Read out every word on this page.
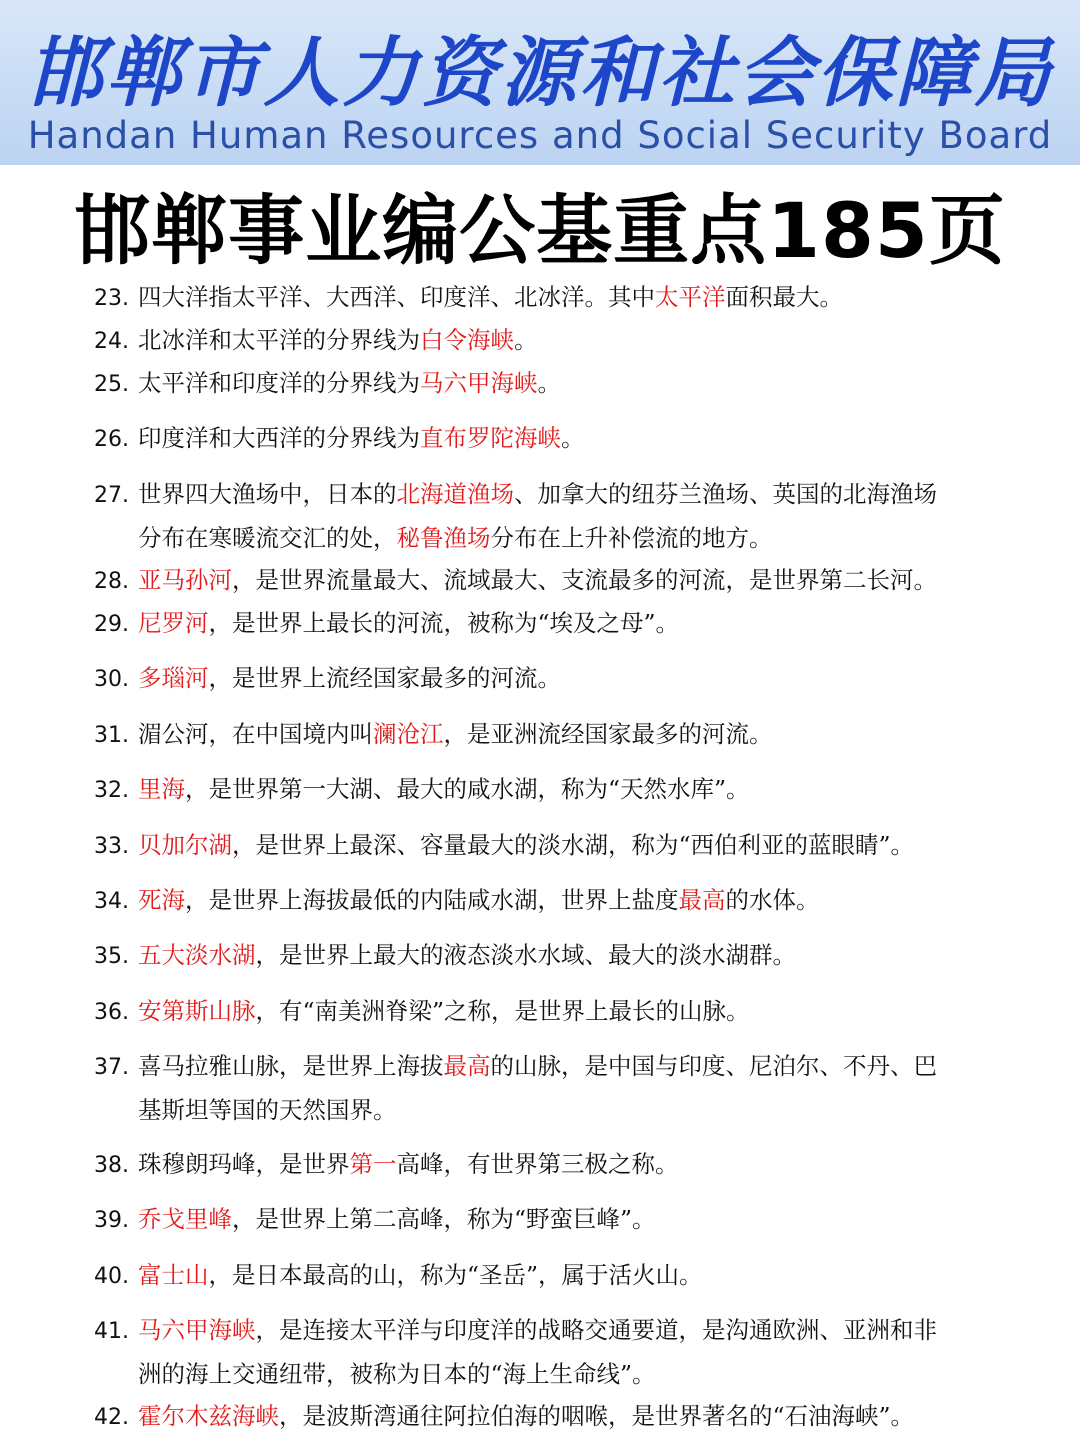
邯郸市人力资源和社会保障局
Handan Human Resources and Social Security Board
邯郸事业编公基重点185页
23. 四大洋指太平洋、大西洋、印度洋、北冰洋。其中太平洋面积最大。
24. 北冰洋和太平洋的分界线为白令海峡。
25. 太平洋和印度洋的分界线为马六甲海峡。
26. 印度洋和大西洋的分界线为直布罗陀海峡。
27. 世界四大渔场中，日本的北海道渔场、加拿大的纽芬兰渔场、英国的北海渔场
分布在寒暖流交汇的处，秘鲁渔场分布在上升补偿流的地方。
28. 亚马孙河，是世界流量最大、流域最大、支流最多的河流，是世界第二长河。
29. 尼罗河，是世界上最长的河流，被称为“埃及之母”。
30. 多瑙河，是世界上流经国家最多的河流。
31. 湄公河，在中国境内叫澜沧江，是亚洲流经国家最多的河流。
32. 里海，是世界第一大湖、最大的咸水湖，称为“天然水库”。
33. 贝加尔湖，是世界上最深、容量最大的淡水湖，称为“西伯利亚的蓝眼睛”。
34. 死海，是世界上海拔最低的内陆咸水湖，世界上盐度最高的水体。
35. 五大淡水湖，是世界上最大的液态淡水水域、最大的淡水湖群。
36. 安第斯山脉，有“南美洲脊梁”之称，是世界上最长的山脉。
37. 喜马拉雅山脉，是世界上海拔最高的山脉，是中国与印度、尼泊尔、不丹、巴
基斯坦等国的天然国界。
38. 珠穆朗玛峰，是世界第一高峰，有世界第三极之称。
39. 乔戈里峰，是世界上第二高峰，称为“野蛮巨峰”。
40. 富士山，是日本最高的山，称为“圣岳”，属于活火山。
41. 马六甲海峡，是连接太平洋与印度洋的战略交通要道，是沟通欧洲、亚洲和非
洲的海上交通纽带，被称为日本的“海上生命线”。
42. 霍尔木兹海峡，是波斯湾通往阿拉伯海的咽喉，是世界著名的“石油海峡”。
